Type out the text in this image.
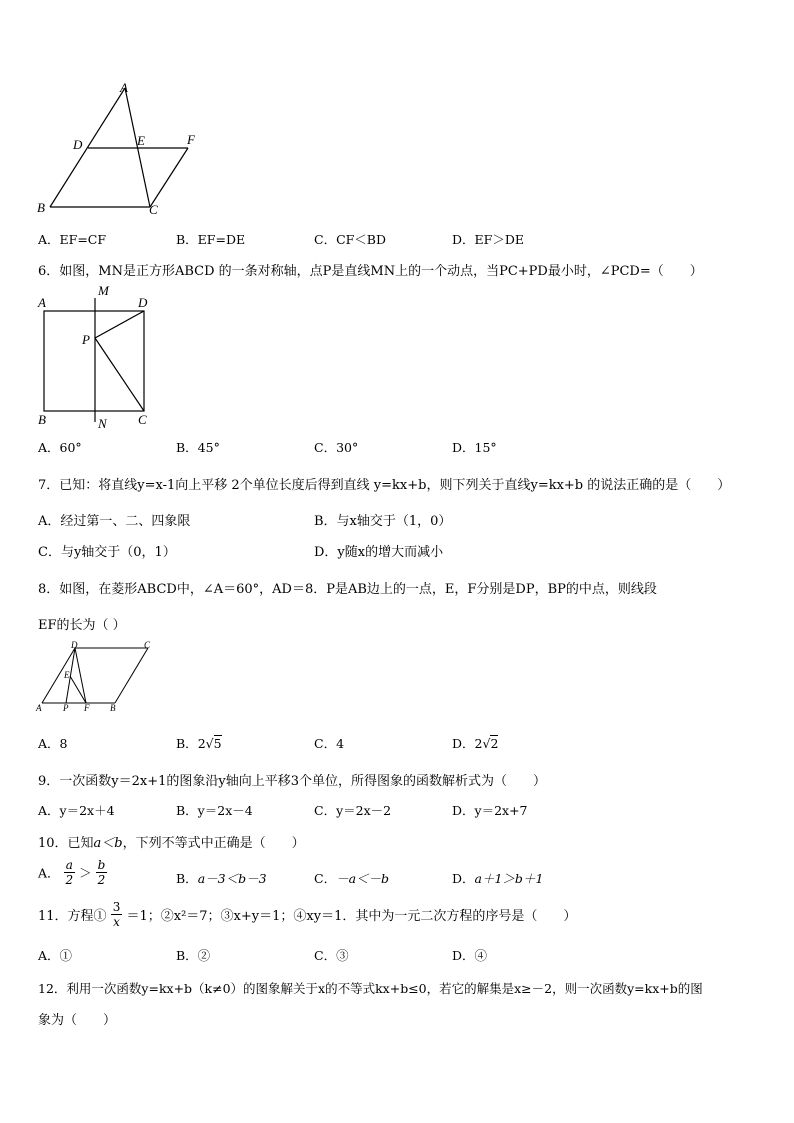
A
D	E	F
B	C
A．EF=CF	B．EF=DE	C．CF＜BD	D．EF＞DE
6．如图，MN是正方形ABCD 的一条对称轴，点P是直线MN上的一个动点，当PC+PD最小时，∠PCD=（　　）
A
M
D
P
B	N C
A．60°	B．45°	C．30°	D．15°
7．已知：将直线y=x-1向上平移 2个单位长度后得到直线 y=kx+b，则下列关于直线y=kx+b 的说法正确的是（　　）
A．经过第一、二、四象限	B．与x轴交于（1，0）
C．与y轴交于（0，1）	D．y随x的增大而减小
8．如图，在菱形ABCD中，∠A＝60°，AD＝8．P是AB边上的一点，E，F分别是DP，BP的中点，则线段
EF的长为（ ）
D	C
E
A P F B
A．8	B．2√5	C．4	D．2√2
9．一次函数y＝2x+1的图象沿y轴向上平移3个单位，所得图象的函数解析式为（　　）
A．y＝2x＋4	B．y＝2x－4	C．y＝2x－2	D．y＝2x+7
10．已知a＜b，下列不等式中正确是（　　）
A． $\frac{a}{2} > \frac{b}{2}$	B．a－3＜b－3	C．－a＜－b	D．a＋1＞b＋1
11．方程① $\frac{3}{x} =1$；②x²＝7；③x+y＝1；④xy＝1．其中为一元二次方程的序号是（　　）
A．①	B．②	C．③	D．④
12．利用一次函数y=kx+b（k≠0）的图象解关于x的不等式kx+b≤0，若它的解集是x≥－2，则一次函数y=kx+b的图
象为（　　）
